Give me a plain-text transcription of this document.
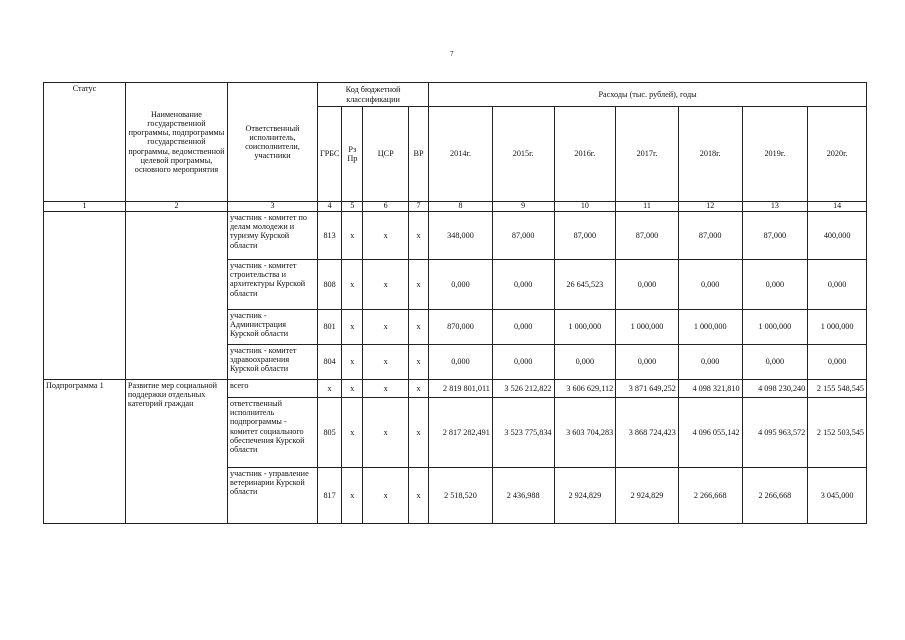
7
Статус	Наименование государственной программы, подпрограммы государственной программы, ведомственной целевой программы, основного мероприятия	Ответственный исполнитель, соисполнители, участники	Код бюджетной классификации				Расходы (тыс. рублей), годы						
			ГРБС	Рз Пр	ЦСР	ВР	2014г.	2015г.	2016г.	2017г.	2018г.	2019г.	2020г.
1	2	3	4	5	6	7	8	9	10	11	12	13	14
		участник - комитет по делам молодежи и туризму Курской области	813	х	х	х	348,000	87,000	87,000	87,000	87,000	87,000	400,000
		участник - комитет строительства и архитектуры Курской области	808	х	х	х	0,000	0,000	26 645,523	0,000	0,000	0,000	0,000
		участник - Администрация Курской области	801	х	х	х	870,000	0,000	1 000,000	1 000,000	1 000,000	1 000,000	1 000,000
		участник - комитет здравоохранения Курской области	804	х	х	х	0,000	0,000	0,000	0,000	0,000	0,000	0,000
Подпрограмма 1	Развитие мер социальной поддержки отдельных категорий граждан	всего	х	х	х	х	2 819 801,011	3 526 212,822	3 606 629,112	3 871 649,252	4 098 321,810	4 098 230,240	2 155 548,545
		ответственный исполнитель подпрограммы - комитет социального обеспечения Курской области	805	х	х	х	2 817 282,491	3 523 775,834	3 603 704,283	3 868 724,423	4 096 055,142	4 095 963,572	2 152 503,545
		участник - управление ветеринарии Курской области	817	х	х	х	2 518,520	2 436,988	2 924,829	2 924,829	2 266,668	2 266,668	3 045,000
